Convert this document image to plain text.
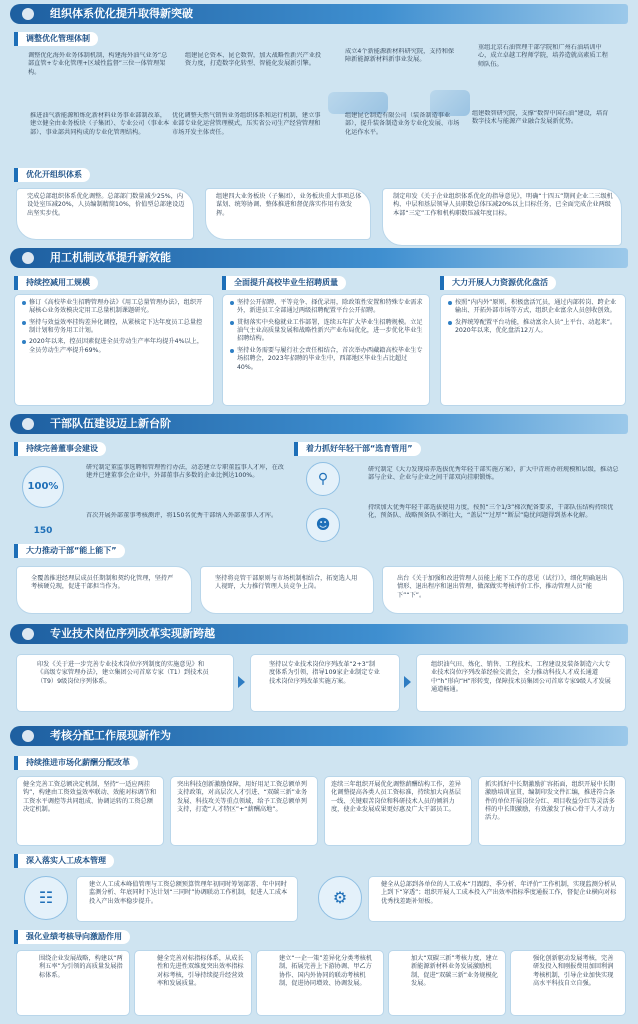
组织体系优化提升取得新突破
调整优化管理体制
调整优化海外业务体制机制，构建海外油气业务“总部直管+专业化管理+区域性监督”三位一体管理架构。
组建昆仑资本、昆仑数智，加大战略性新兴产业投资力度，打造数字化转型、智能化发展新引擎。
成立4个新能源新材料研究院，支持和保障新能源新材料新事业发展。
重组北京石油管理干部学院和广州石油培训中心，成立卓越工程师学院，培养造就高素质工程师队伍。
推进油气新能源和炼化新材料业务事业部制改革，建立健全由业务板块（子集团）、专业公司（事业本部）、事业部共同构成的专业化管理结构。
优化调整天然气销售业务组织体系和运行机制，建立事业部专业化运营管理模式，压实省公司生产经营管理和市场开发主体责任。
组建昆仑制造有限公司（装备制造事业部），提升装备制造业务专业化发展、市场化运作水平。
组建数智研究院，支撑“数智中国石油”建设，培育数字技术与能源产业融合发展新优势。
优化开组织体系
完成总部组织体系优化调整。总部部门数量减少25%，内设处室压减20%，人员编制精简10%，价值型总部建设迈出坚实步伐。
组建四大业务板块（子集团），业务板块重大事项总体谋划、统筹协调、整体推进和督促落实作用有效发挥。
制定印发《关于企业组织体系优化的指导意见》，明确“十四五”期间企业二三级机构、中层和基层领导人员职数总体压减20%以上目标任务，已全面完成企业两级本部“三定”工作和机构职数压减年度目标。
用工机制改革提升新效能
持续控减用工规模
修订《高校毕业生招聘管理办法》《用工总量管理办法》，组织开展核心业务效模决定用工总量机制课题研究。
坚持与效益效率挂钩差异化调控，从紧核定下达年度员工总量控制计划和劳务用工计划。
2020年以来，控员因素促进全员劳动生产率年均提升4%以上，全员劳动生产率提升69%。
全面提升高校毕业生招聘质量
坚持公开招聘、平等竞争、择优录用，除政策性安置和特殊专业需求外，新进员工全部通过两级招聘配置平台公开招聘。
贯彻落实中央稳就业工作部署，连续五年扩大毕业生招聘规模。立足油气主业高质量发展和战略性新兴产业布局优化，进一步优化毕业生招聘结构。
坚持业务需要与履行社会责任相结合，首次举办西藏籍高校毕业生专场招聘会，2023年招聘的毕业生中，西部地区毕业生占比超过40%。
大力开展人力资源优化盘活
按照“内内外”原则，积极盘活冗员，通过内部转岗、跨企业输出、开拓外部市场等方式，组织企业富余人员创收创效。
发挥统筹配置平台功能，推动富余人员“上平台、动起来”。2020年以来，优化盘活12万人。
干部队伍建设迈上新台阶
持续完善董事会建设
100%
研究制定董监事选聘和管理暂行办法，动态建立专职董监事人才库，在改建并已建董事会企业中，外部董事占多数的企业比例达100%。
150
首次开展外部董事考核测评，将150名优秀干部纳入外部董事人才库。
着力抓好年轻干部“选育管用”
⚲
研究制定《大力发现培养选拔优秀年轻干部实施方案》，扩大中青班办班规模和层级，推动总部与企业、企业与企业之间干部双向挂职锻炼。
☻
持续加大优秀年轻干部选拔使用力度，按照“三个1/3”梯次配备要求，干部队伍结构持续优化，预备队、战略预备队不断壮大，“盖层”“过厚”“断层”隐忧问题得到基本化解。
大力推动干部“能上能下”
全覆盖推进经理层成员任期制和契约化管理，坚持严考核硬兑现，促进干部担当作为。
坚持将竞管干部原则与市场机制相结合，拓宽选人用人视野，大力推行管理人员竞争上岗。
出台《关于加强和改进管理人员能上能下工作的意见（试行）》，细化明确退出情形、退出程序和退出管理，做深做实考核评价工作，推动管理人员“能下”“下”。
专业技术岗位序列改革实现新跨越
印发《关于进一步完善专业技术岗位序列制度的实施意见》和《高级专家管理办法》，建立集团公司首席专家（T1）到技术员（T9）9级岗位序列体系。
坚持以专业技术岗位序列改革“2+3”制度体系为引领，指导109家企业制定专业技术岗位序列改革实施方案。
组织油气田、炼化、销售、工程技术、工程建设及装备制造六大专业技术岗位序列改革经验交流会，全力推动科技人才成长通道中“h”形向“H”形转变，保障技术员集团公司首席专家9级人才发展通道畅通。
考核分配工作展现新作为
持续推进市场化薪酬分配改革
健全完善工资总额决定机制，坚持“一适应两挂钩”，构建由工资效益效率联动、效能对标调节和工资水平调控等共同组成、协调运转的工资总额决定机制。
突出科技创新激励保障，用好用足工资总额单列支持政策，对高层次人才引进、“双碳三新”业务发展、科技攻关等重点领域，给予工资总额单列支持，打造“人才特区”+“薪酬高地”。
连续三年组织开展优化调整薪酬结构工作，差异化调整提高各类人员工资标准，持续加大向基层一线、关键艰苦岗位和科研技术人员的倾斜力度，使企业发展成果更好惠及广大干部员工。
抓实抓好中长期激励扩容拓面，组织开展中长期激励培训宣贯，编制印发文件汇编，推进符合条件的单位开展岗位分红、项目收益分红等灵活多样的中长期激励，有效激发了核心骨干人才动力活力。
深入落实人工成本管理
☷
建立人工成本峰值管理与工资总额预算管理年初同时筹划部署、年中同时监测分析、年底同时下达计划“三同时”协调联动工作机制，促进人工成本投入产出效率稳步提升。	⚙
健全从总部到各单位的人工成本“月跟踪、季分析、年评价”工作机制，实现监测分析从上到下“穿透”；组织开展人工成本投入产出效率指标季度通报工作，督促企业横向对标优秀找差距补短板。
强化业绩考核导向激励作用
围绕企业发展战略，构建以“两利五率”为引领的高质量发展指标体系。
健全完善对标指标体系，从成长性和先进性双维度突出效率指标对标考核，引导持续提升经营效率和发展质量。
建立“一企一策”差异化分类考核机制，拓展完善上下游协调、甲乙方协作、国内外协同的联动考核机制，促进协同增效、协调发展。
加大“双碳三新”考核力度，建立新能源新材料业务发展激励机制，促进“双碳三新”业务规模化发展。
强化创新驱动发展考核，完善研发投入和刚报费用加回利润考核机制，引导企业加快实现高水平科技自立自强。
